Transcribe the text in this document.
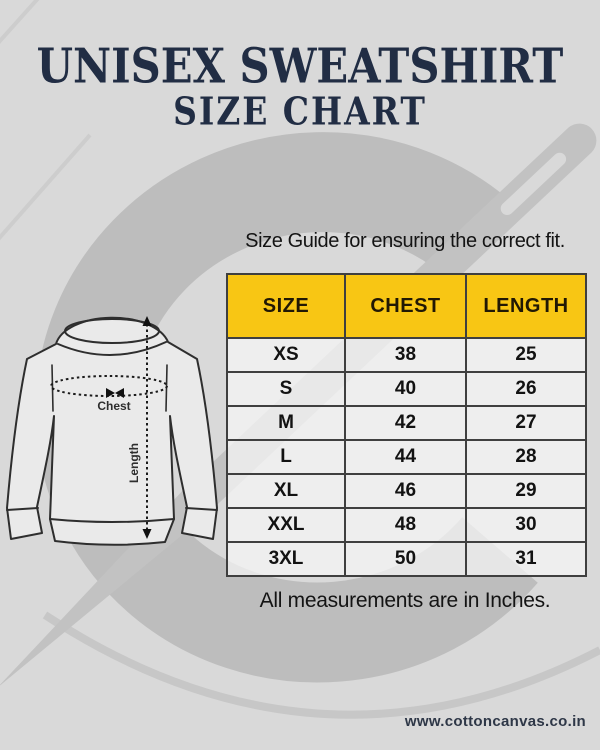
UNISEX SWEATSHIRT
SIZE CHART
Size Guide for ensuring the correct fit.
Chest
Length
SIZE	CHEST	LENGTH
XS	38	25
S	40	26
M	42	27
L	44	28
XL	46	29
XXL	48	30
3XL	50	31
All measurements are in Inches.
www.cottoncanvas.co.in
